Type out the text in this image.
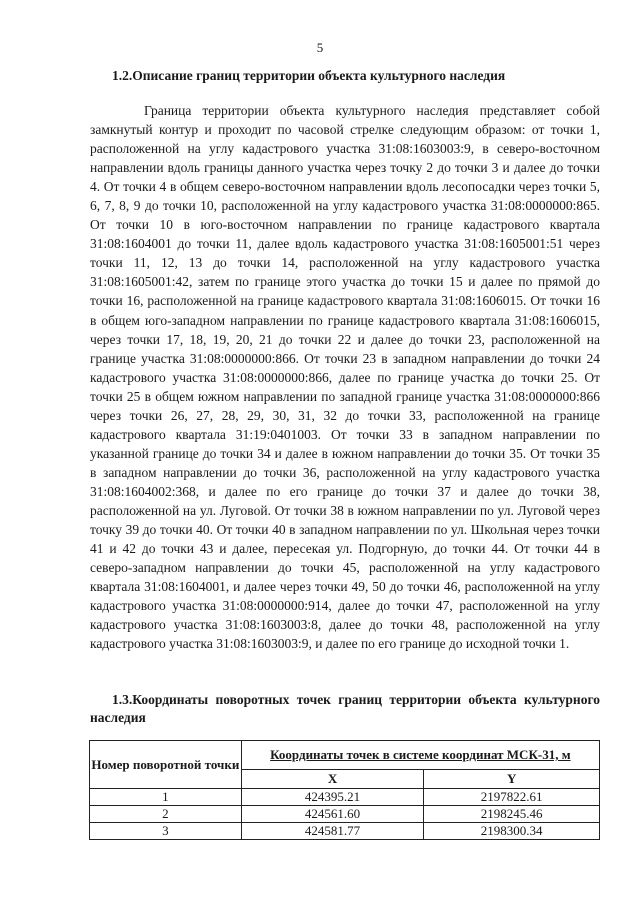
5
1.2.Описание границ территории объекта культурного наследия

Граница территории объекта культурного наследия представляет собой замкнутый контур и проходит по часовой стрелке следующим образом: от точки 1, расположенной на углу кадастрового участка 31:08:1603003:9, в северо-восточном направлении вдоль границы данного участка через точку 2 до точки 3 и далее до точки 4. От точки 4 в общем северо-восточном направлении вдоль лесопосадки через точки 5, 6, 7, 8, 9 до точки 10, расположенной на углу кадастрового участка 31:08:0000000:865. От точки 10 в юго-восточном направлении по границе кадастрового квартала 31:08:1604001 до точки 11, далее вдоль кадастрового участка 31:08:1605001:51 через точки 11, 12, 13 до точки 14, расположенной на углу кадастрового участка 31:08:1605001:42, затем по границе этого участка до точки 15 и далее по прямой до точки 16, расположенной на границе кадастрового квартала 31:08:1606015. От точки 16 в общем юго-западном направлении по границе кадастрового квартала 31:08:1606015, через точки 17, 18, 19, 20, 21 до точки 22 и далее до точки 23, расположенной на границе участка 31:08:0000000:866. От точки 23 в западном направлении до точки 24 кадастрового участка 31:08:0000000:866, далее по границе участка до точки 25. От точки 25 в общем южном направлении по западной границе участка 31:08:0000000:866 через точки 26, 27, 28, 29, 30, 31, 32 до точки 33, расположенной на границе кадастрового квартала 31:19:0401003. От точки 33 в западном направлении по указанной границе до точки 34 и далее в южном направлении до точки 35. От точки 35 в западном направлении до точки 36, расположенной на углу кадастрового участка 31:08:1604002:368, и далее по его границе до точки 37 и далее до точки 38, расположенной на ул. Луговой. От точки 38 в южном направлении по ул. Луговой через точку 39 до точки 40. От точки 40 в западном направлении по ул. Школьная через точки 41 и 42 до точки 43 и далее, пересекая ул. Подгорную, до точки 44. От точки 44 в северо-западном направлении до точки 45, расположенной на углу кадастрового квартала 31:08:1604001, и далее через точки 49, 50 до точки 46, расположенной на углу кадастрового участка 31:08:0000000:914, далее до точки 47, расположенной на углу кадастрового участка 31:08:1603003:8, далее до точки 48, расположенной на углу кадастрового участка 31:08:1603003:9, и далее по его границе до исходной точки 1.

1.3.Координаты поворотных точек границ территории объекта культурного наследия

Номер поворотной точки	Координаты точек в системе координат МСК-31, м	
	X	Y
1	424395.21	2197822.61
2	424561.60	2198245.46
3	424581.77	2198300.34
